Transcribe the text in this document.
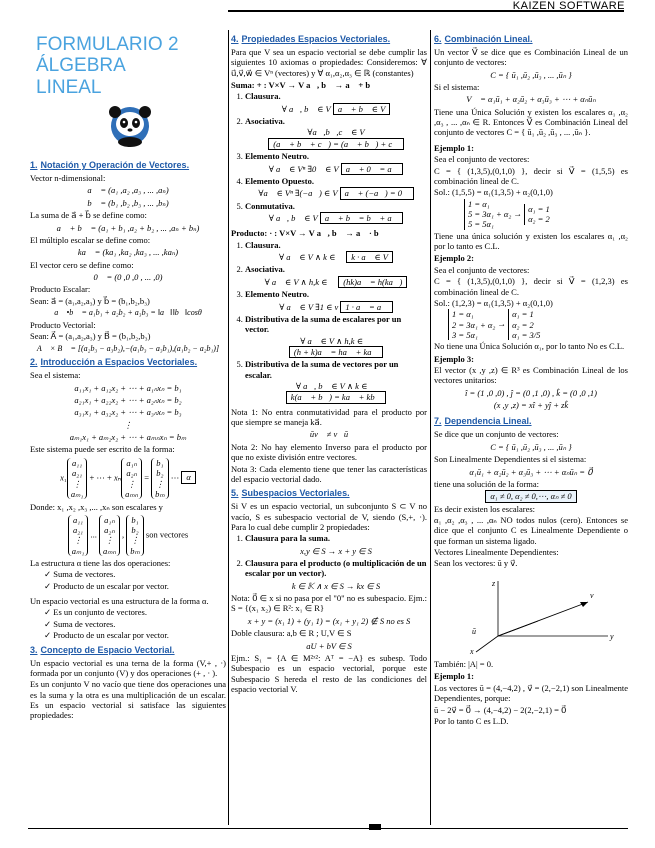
KAIZEN SOFTWARE
FORMULARIO 2
ÁLGEBRA
LINEAL
1. Notación y Operación de Vectores.

Vector n-dimensional:

a⃗ = (a₁ ,a₂ ,a₃ , ... ,aₙ)
b⃗ = (b₁ ,b₂ ,b₃ , ... ,bₙ)

La suma de a⃗ + b⃗ se define como:

a⃗ + b⃗ = (a₁ + b₁ ,a₂ + b₂ , ... ,aₙ + bₙ)

El múltiplo escalar se define como:

ka⃗ = (ka₁ ,ka₂ ,ka₃ , ... ,kaₙ)

El vector cero se define como:

0⃗ = (0 ,0 ,0 , ... ,0)

Producto Escalar:

Sean: a⃗ = (a₁,a₂,a₃) y b⃗ = (b₁,b₂,b₃)

a⃗ •b⃗ = a₁b₁ + a₂b₂ + a₃b₃ = ‖a⃗‖‖b⃗‖cosθ

Producto Vectorial:

Sean: A⃗ = (a₁,a₂,a₃) y B⃗ = (b₁,b₂,b₃)

A⃗ × B⃗ = [(a₂b₃ − a₃b₂),−(a₁b₃ − a₃b₁),(a₁b₂ − a₂b₁)]
2. Introducción a Espacios Vectoriales.

Sea el sistema:

a₁₁x₁ + a₁₂x₂ + ⋯ + a₁ₙxₙ = b₁
a₂₁x₁ + a₂₂x₂ + ⋯ + a₂ₙxₙ = b₂
a₃₁x₁ + a₃₂x₂ + ⋯ + a₃ₙxₙ = b₃
⋮
aₘ₁x₁ + aₘ₂x₂ + ⋯ + aₘₙxₙ = bₘ

Este sistema puede ser escrito de la forma:

x₁a₁₁
a₂₁
⋮
aₘ₁ + ⋯ + xₙa₁ₙ
a₂ₙ
⋮
aₘₙ = b₁
b₂
⋮
bₘ ⋯ α

Donde: x₁ ,x₂ ,x₃ ,... ,xₙ son escalares y

a₁₁
a₂₁
⋮
aₘ₁ ... a₁ₙ
a₂ₙ
⋮
aₘₙ , b₁
b₂
⋮
bₘ son vectores

La estructura α tiene las dos operaciones:

✓ Suma de vectores.
✓ Producto de un escalar por vector.

Un espacio vectorial es una estructura de la forma α.

✓ Es un conjunto de vectores.
✓ Suma de vectores.
✓ Producto de un escalar por vector.
3. Concepto de Espacio Vectorial.

Un espacio vectorial es una terna de la forma (V,+ , ·) formada por un conjunto (V) y dos operaciones (+ , · ).

Es un conjunto V no vacío que tiene dos operaciones una es la suma y la otra es una multiplicación de un escalar. Es un espacio vectorial si satisface las siguientes propiedades:

4. Propiedades Espacios Vectoriales.

Para que V sea un espacio vectorial se debe cumplir las siguientes 10 axiomas o propiedades: Consideremos: ∀ u⃗,v⃗,w⃗ ∈ Vⁿ (vectores) y ∀ α₁,α₂,α₃ ∈ ℝ (constantes)

Suma: + : V×V → V a⃗, b⃗ → a⃗ + b⃗

1. Clausura.
∀ a⃗, b⃗ ∈ V a⃗ + b⃗ ∈ V
2. Asociativa.
∀a⃗,b⃗,c⃗ ∈ V (a⃗ + b⃗ + c⃗) = (a⃗ + b⃗) + c⃗
3. Elemento Neutro.
∀ a⃗ ∈ Vⁿ ∃0⃗ ∈ V a⃗ + 0⃗ = a⃗
4. Elemento Opuesto.
∀a⃗ ∈ Vⁿ ∃(−a⃗) ∈ V a⃗ + (−a⃗) = 0⃗
5. Conmutativa.
∀ a⃗, b⃗ ∈ V a⃗ + b⃗ = b⃗ + a⃗

Producto: · : V×V → V a⃗, b⃗ → a⃗ · b⃗

1. Clausura.
∀ a⃗ ∈ V ∧ k ∈ 𝕂 k · a⃗ ∈ V
2. Asociativa.
∀ a⃗ ∈ V ∧ h,k ∈ 𝕂 (hk)a⃗ = h(ka⃗)
3. Elemento Neutro.
∀ a⃗ ∈ V ∃1 ∈ v 1 · a⃗ = a⃗
4. Distributiva de la suma de escalares por un vector.
∀ a⃗ ∈ V ∧ h,k ∈ 𝕂
(h + k)a⃗ = ha⃗ + ka⃗
5. Distributiva de la suma de vectores por un escalar.
∀ a⃗, b⃗ ∈ V ∧ k ∈ 𝕂
k(a⃗ + b⃗) = ka⃗ + kb⃗

Nota 1: No entra conmutatividad para el producto por que siempre se maneja ka⃗.

ūv⃗ ≠ v⃗ū

Nota 2: No hay elemento Inverso para el producto por que no existe división entre vectores.

Nota 3: Cada elemento tiene que tener las características del espacio vectorial dado.

5. Subespacios Vectoriales.

Si V es un espacio vectorial, un subconjunto S ⊂ V no vacío, S es subespacio vectorial de V, siendo (S,+, ·). Para lo cual debe cumplir 2 propiedades:

1. Clausura para la suma.
x,y ∈ S → x + y ∈ S
2. Clausura para el producto (o multiplicación de un escalar por un vector).
k ∈ 𝕂 ∧ x ∈ S → kx ∈ S

Nota: 0⃗ ∈ x si no pasa por el "0" no es subespacio. Ejm.: S = {(x₁ x₂) ∈ R²: x₁ ∈ R}

x + y = (x₁ 1) + (y₁ 1) = (x₁ + y₁ 2) ∉ S no es S

Doble clausura: a,b ∈ R ; U,V ∈ S

aU + bV ∈ S

Ejm.: S₁ = {A ∈ M²ˣ²: Aᵀ = −A} es subesp. Todo Subespacio es un espacio vectorial, porque este Subespacio S hereda el resto de las condiciones del espacio vectorial V.

6. Combinación Lineal.

Un vector V⃗ se dice que es Combinación Lineal de un conjunto de vectores:

C = { ū₁ ,ū₂ ,ū₃ , ... ,ūₙ }

Si el sistema:

V⃗ = α₁ū₁ + α₂ū₂ + α₃ū₃ + ⋯ + αₙūₙ

Tiene una Única Solución y existen los escalares α₁ ,α₂ ,α₃ , ... ,αₙ ∈ R. Entonces V⃗ es Combinación Lineal del conjunto de vectores C = { ū₁ ,ū₂ ,ū₃ , ... ,ūₙ }.

Ejemplo 1:

Sea el conjunto de vectores:

C = { (1,3,5),(0,1,0) }, decir si V⃗ = (1,5,5) es combinación lineal de C.

Sol.: (1,5,5) = α₁(1,3,5) + α₂(0,1,0)

1 = α₁
5 = 3α₁ + α₂
5 = 5α₁ → α₁ = 1
α₂ = 2

Tiene una única solución y existen los escalares α₁ ,α₂ por lo tanto es C.L.

Ejemplo 2:

Sea el conjunto de vectores:

C = { (1,3,5),(0,1,0) }, decir si V⃗ = (1,2,3) es combinación lineal de C.

Sol.: (1,2,3) = α₁(1,3,5) + α₂(0,1,0)

1 = α₁
2 = 3α₁ + α₂
3 = 5α₁ → α₁ = 1
α₂ = 2
α₁ = 3/5

No tiene una Única Solución α₁, por lo tanto No es C.L.

Ejemplo 3:

El vector (x ,y ,z) ∈ R³ es Combinación Lineal de los vectores unitarios:

î = (1 ,0 ,0) , ĵ = (0 ,1 ,0) , k̂ = (0 ,0 ,1)
(x ,y ,z) = xî + yĵ + zk̂
7. Dependencia Lineal.

Se dice que un conjunto de vectores:

C = { ū₁ ,ū₂ ,ū₃ , ... ,ūₙ }

Son Linealmente Dependientes si el sistema:

α₁ū₁ + α₂ū₂ + α₃ū₃ + ⋯ + αₙūₙ = 0⃗

tiene una solución de la forma:

α₁ ≠ 0, α₂ ≠ 0,⋯, αₙ ≠ 0

Es decir existen los escalares:

α₁ ,α₂ ,α₃ , ... ,αₙ NO todos nulos (cero). Entonces se dice que el conjunto C es Linealmente Dependiente o que forman un sistema ligado.

Vectores Linealmente Dependientes:

Sean los vectores: ū y v⃗.

z
y
x
ū
v⃗

También: |A| = 0.

Ejemplo 1:

Los vectores ū = (4,−4,2) , v⃗ = (2,−2,1) son Linealmente Dependientes, porque:

ū − 2v⃗ = 0⃗ → (4,−4,2) − 2(2,−2,1) = 0⃗

Por lo tanto C es L.D.
